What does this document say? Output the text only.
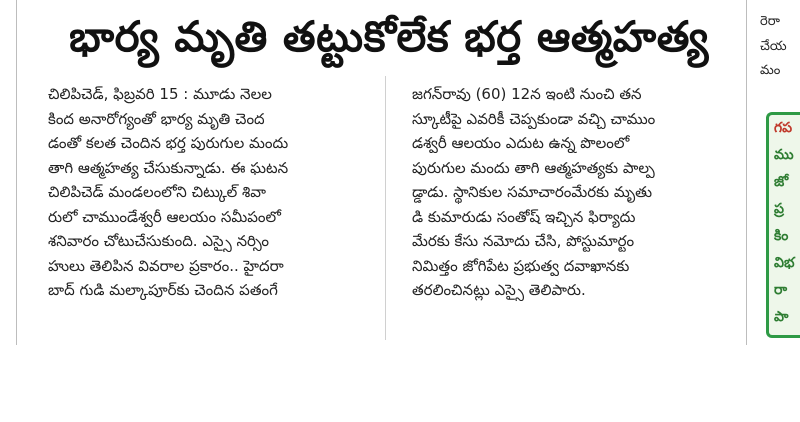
భార్య మృతి తట్టుకోలేక భర్త ఆత్మహత్య
చిలిపిచెడ్, ఫిబ్రవరి 15 : మూడు నెలల
కింద అనారోగ్యంతో భార్య మృతి చెంద
డంతో కలత చెందిన భర్త పురుగుల మందు
తాగి ఆత్మహత్య చేసుకున్నాడు. ఈ ఘటన
చిలిపిచెడ్ మండలంలోని చిట్కుల్ శివా
రులో చాముండేశ్వరీ ఆలయం సమీపంలో
శనివారం చోటుచేసుకుంది. ఎస్సై నర్సిం
హులు తెలిపిన వివరాల ప్రకారం.. హైదరా
బాద్ గుడి మల్కాపూర్‌కు చెందిన పతంగే
జగన్‌రావు (60) 12న ఇంటి నుంచి తన
స్కూటీపై ఎవరికీ చెప్పకుండా వచ్చి చాముం
డశ్వరీ ఆలయం ఎదుట ఉన్న పొలంలో
పురుగుల మందు తాగి ఆత్మహత్యకు పాల్ప
డ్డాడు. స్థానికుల సమాచారంమేరకు మృతు
డి కుమారుడు సంతోష్ ఇచ్చిన ఫిర్యాదు
మేరకు కేసు నమోదు చేసి, పోస్టుమార్టం
నిమిత్తం జోగిపేట ప్రభుత్వ దవాఖానకు
తరలించినట్లు ఎస్సై తెలిపారు.
రెరా
చేయ
మం
గప
ము
జో
ప్ర
కిం
విభ
రా
పా
